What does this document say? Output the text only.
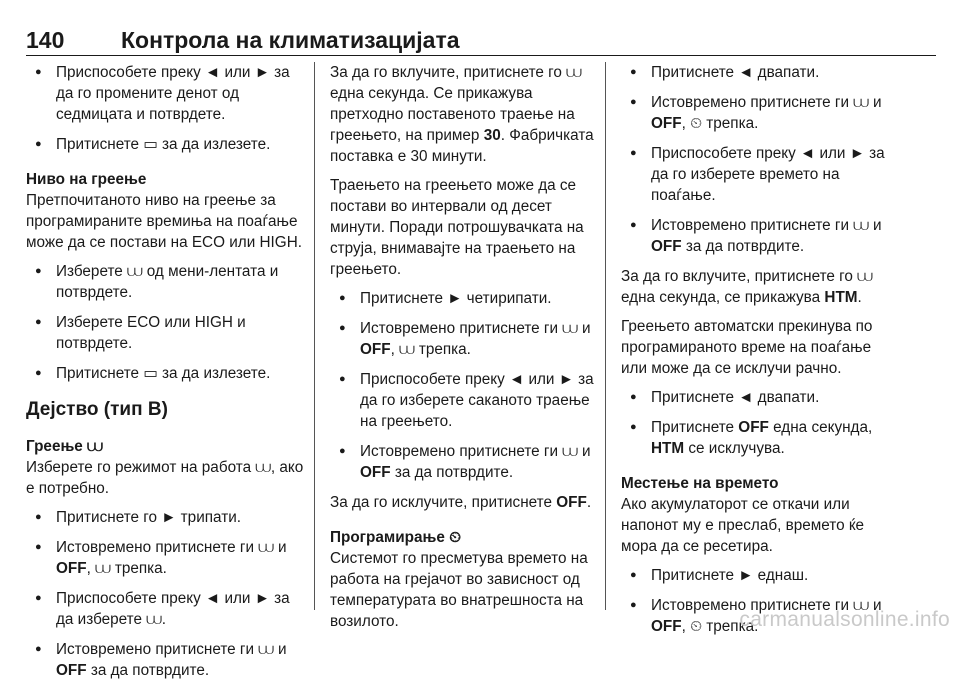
140 Контрола на климатизацијата
● Приспособете преку ◄ или ► за да го промените денот од седмицата и потврдете.
● Притиснете ▭ за да излезете.
Ниво на греење
Претпочитаното ниво на греење за програмираните времиња на поаѓање може да се постави на ECO или HIGH.
● Изберете ⩊ од мени-лентата и потврдете.
● Изберете ECO или HIGH и потврдете.
● Притиснете ▭ за да излезете.
Дејство (тип B)
Греење ⩊
Изберете го режимот на работа ⩊, ако е потребно.
● Притиснете го ► трипати.
● Истовремено притиснете ги ⩊ и OFF, ⩊ трепка.
● Приспособете преку ◄ или ► за да изберете ⩊.
● Истовремено притиснете ги ⩊ и OFF за да потврдите.
За да го вклучите, притиснете го ⩊ една секунда. Се прикажува претходно поставеното траење на греењето, на пример 30. Фабричката поставка е 30 минути.
Траењето на греењето може да се постави во интервали од десет минути. Поради потрошувачката на струја, внимавајте на траењето на греењето.
● Притиснете ► четирипати.
● Истовремено притиснете ги ⩊ и OFF, ⩊ трепка.
● Приспособете преку ◄ или ► за да го изберете саканото траење на греењето.
● Истовремено притиснете ги ⩊ и OFF за да потврдите.
За да го исклучите, притиснете OFF.
Програмирање ⏲
Системот го пресметува времето на работа на грејачот во зависност од температурата во внатрешноста на возилото.
● Притиснете ◄ двапати.
● Истовремено притиснете ги ⩊ и OFF, ⏲ трепка.
● Приспособете преку ◄ или ► за да го изберете времето на поаѓање.
● Истовремено притиснете ги ⩊ и OFF за да потврдите.
За да го вклучите, притиснете го ⩊ една секунда, се прикажува HTM.
Греењето автоматски прекинува по програмираното време на поаѓање или може да се исклучи рачно.
● Притиснете ◄ двапати.
● Притиснете OFF една секунда, HTM се исклучува.
Местење на времето
Ако акумулаторот се откачи или напонот му е преслаб, времето ќе мора да се ресетира.
● Притиснете ► еднаш.
● Истовремено притиснете ги ⩊ и OFF, ⏲ трепка.
carmanualsonline.info
